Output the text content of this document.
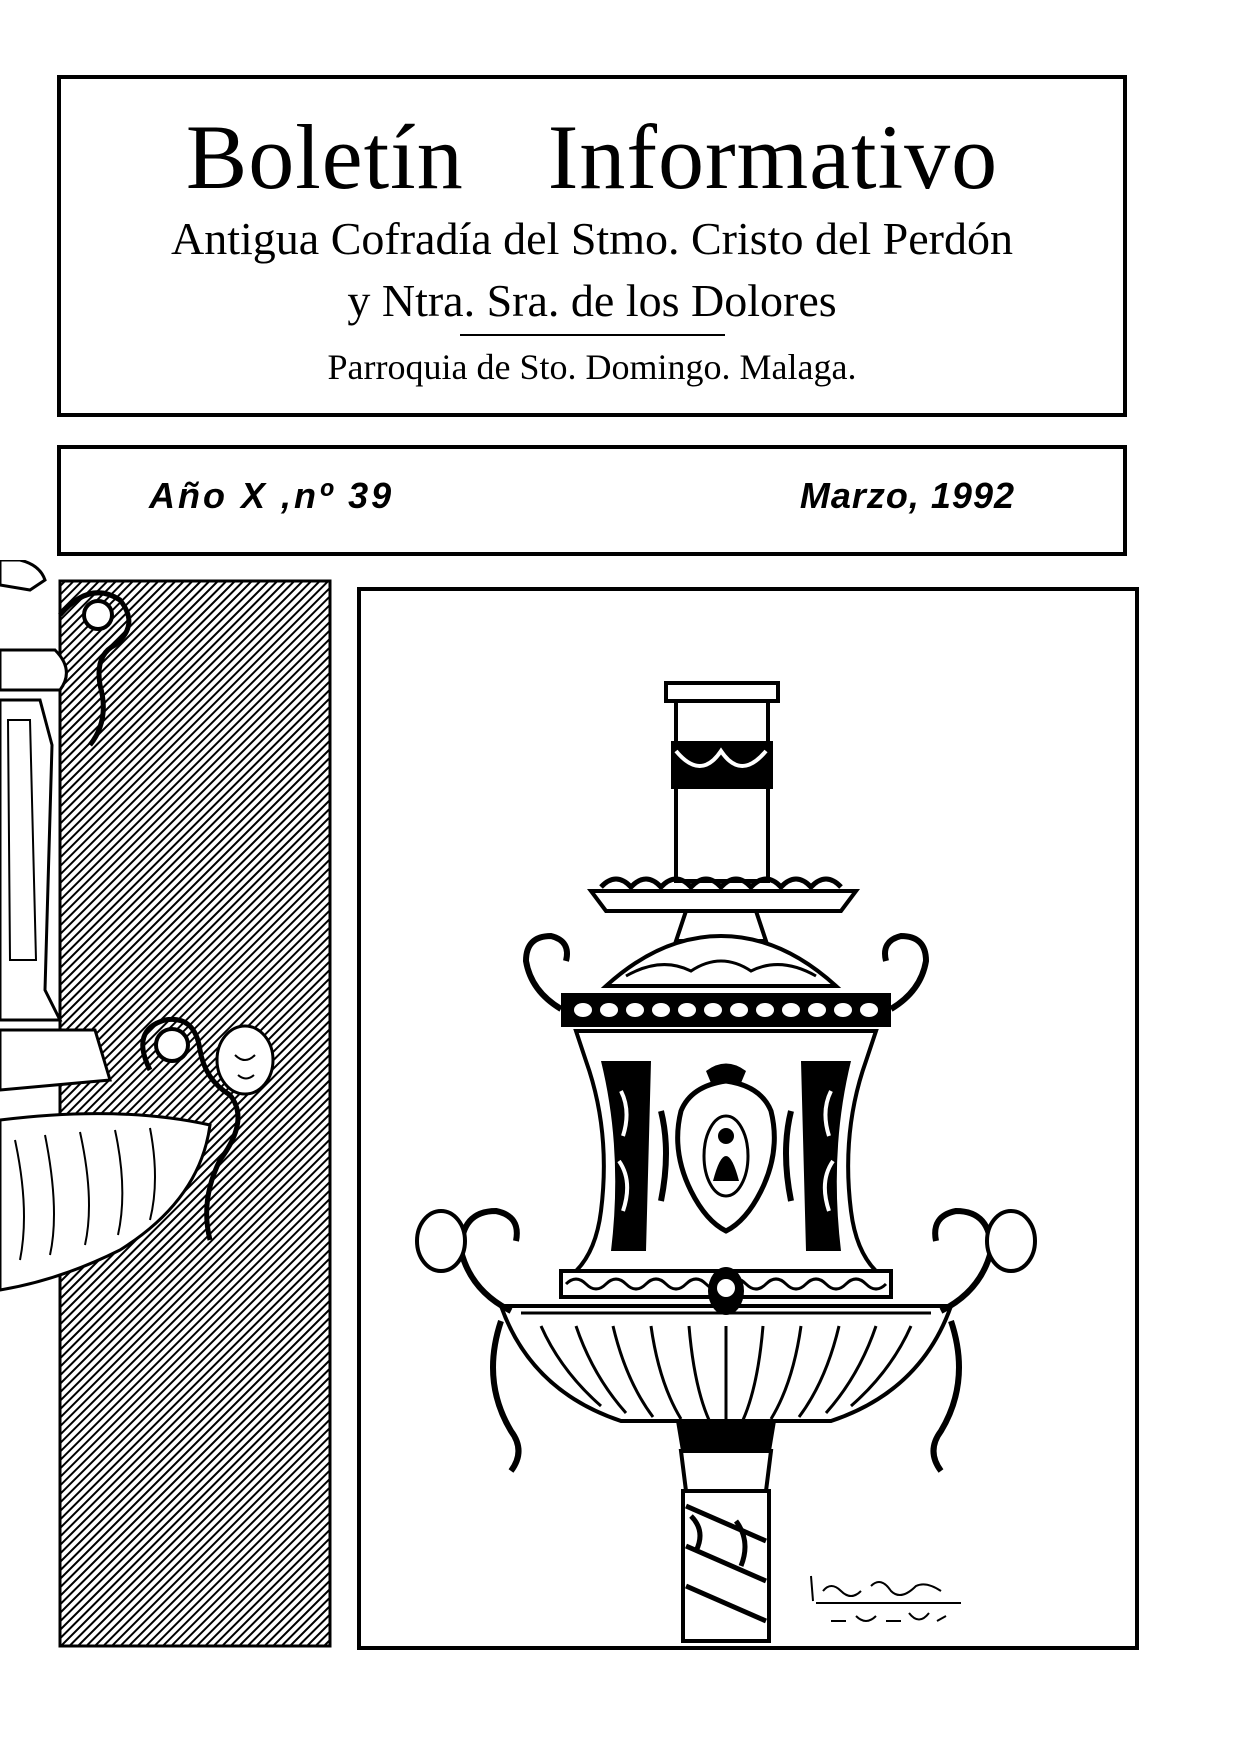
Boletín Informativo
Antigua Cofradía del Stmo. Cristo del Perdón
y Ntra. Sra. de los Dolores
Parroquia de Sto. Domingo. Malaga.
Año X ,nº 39	Marzo, 1992
